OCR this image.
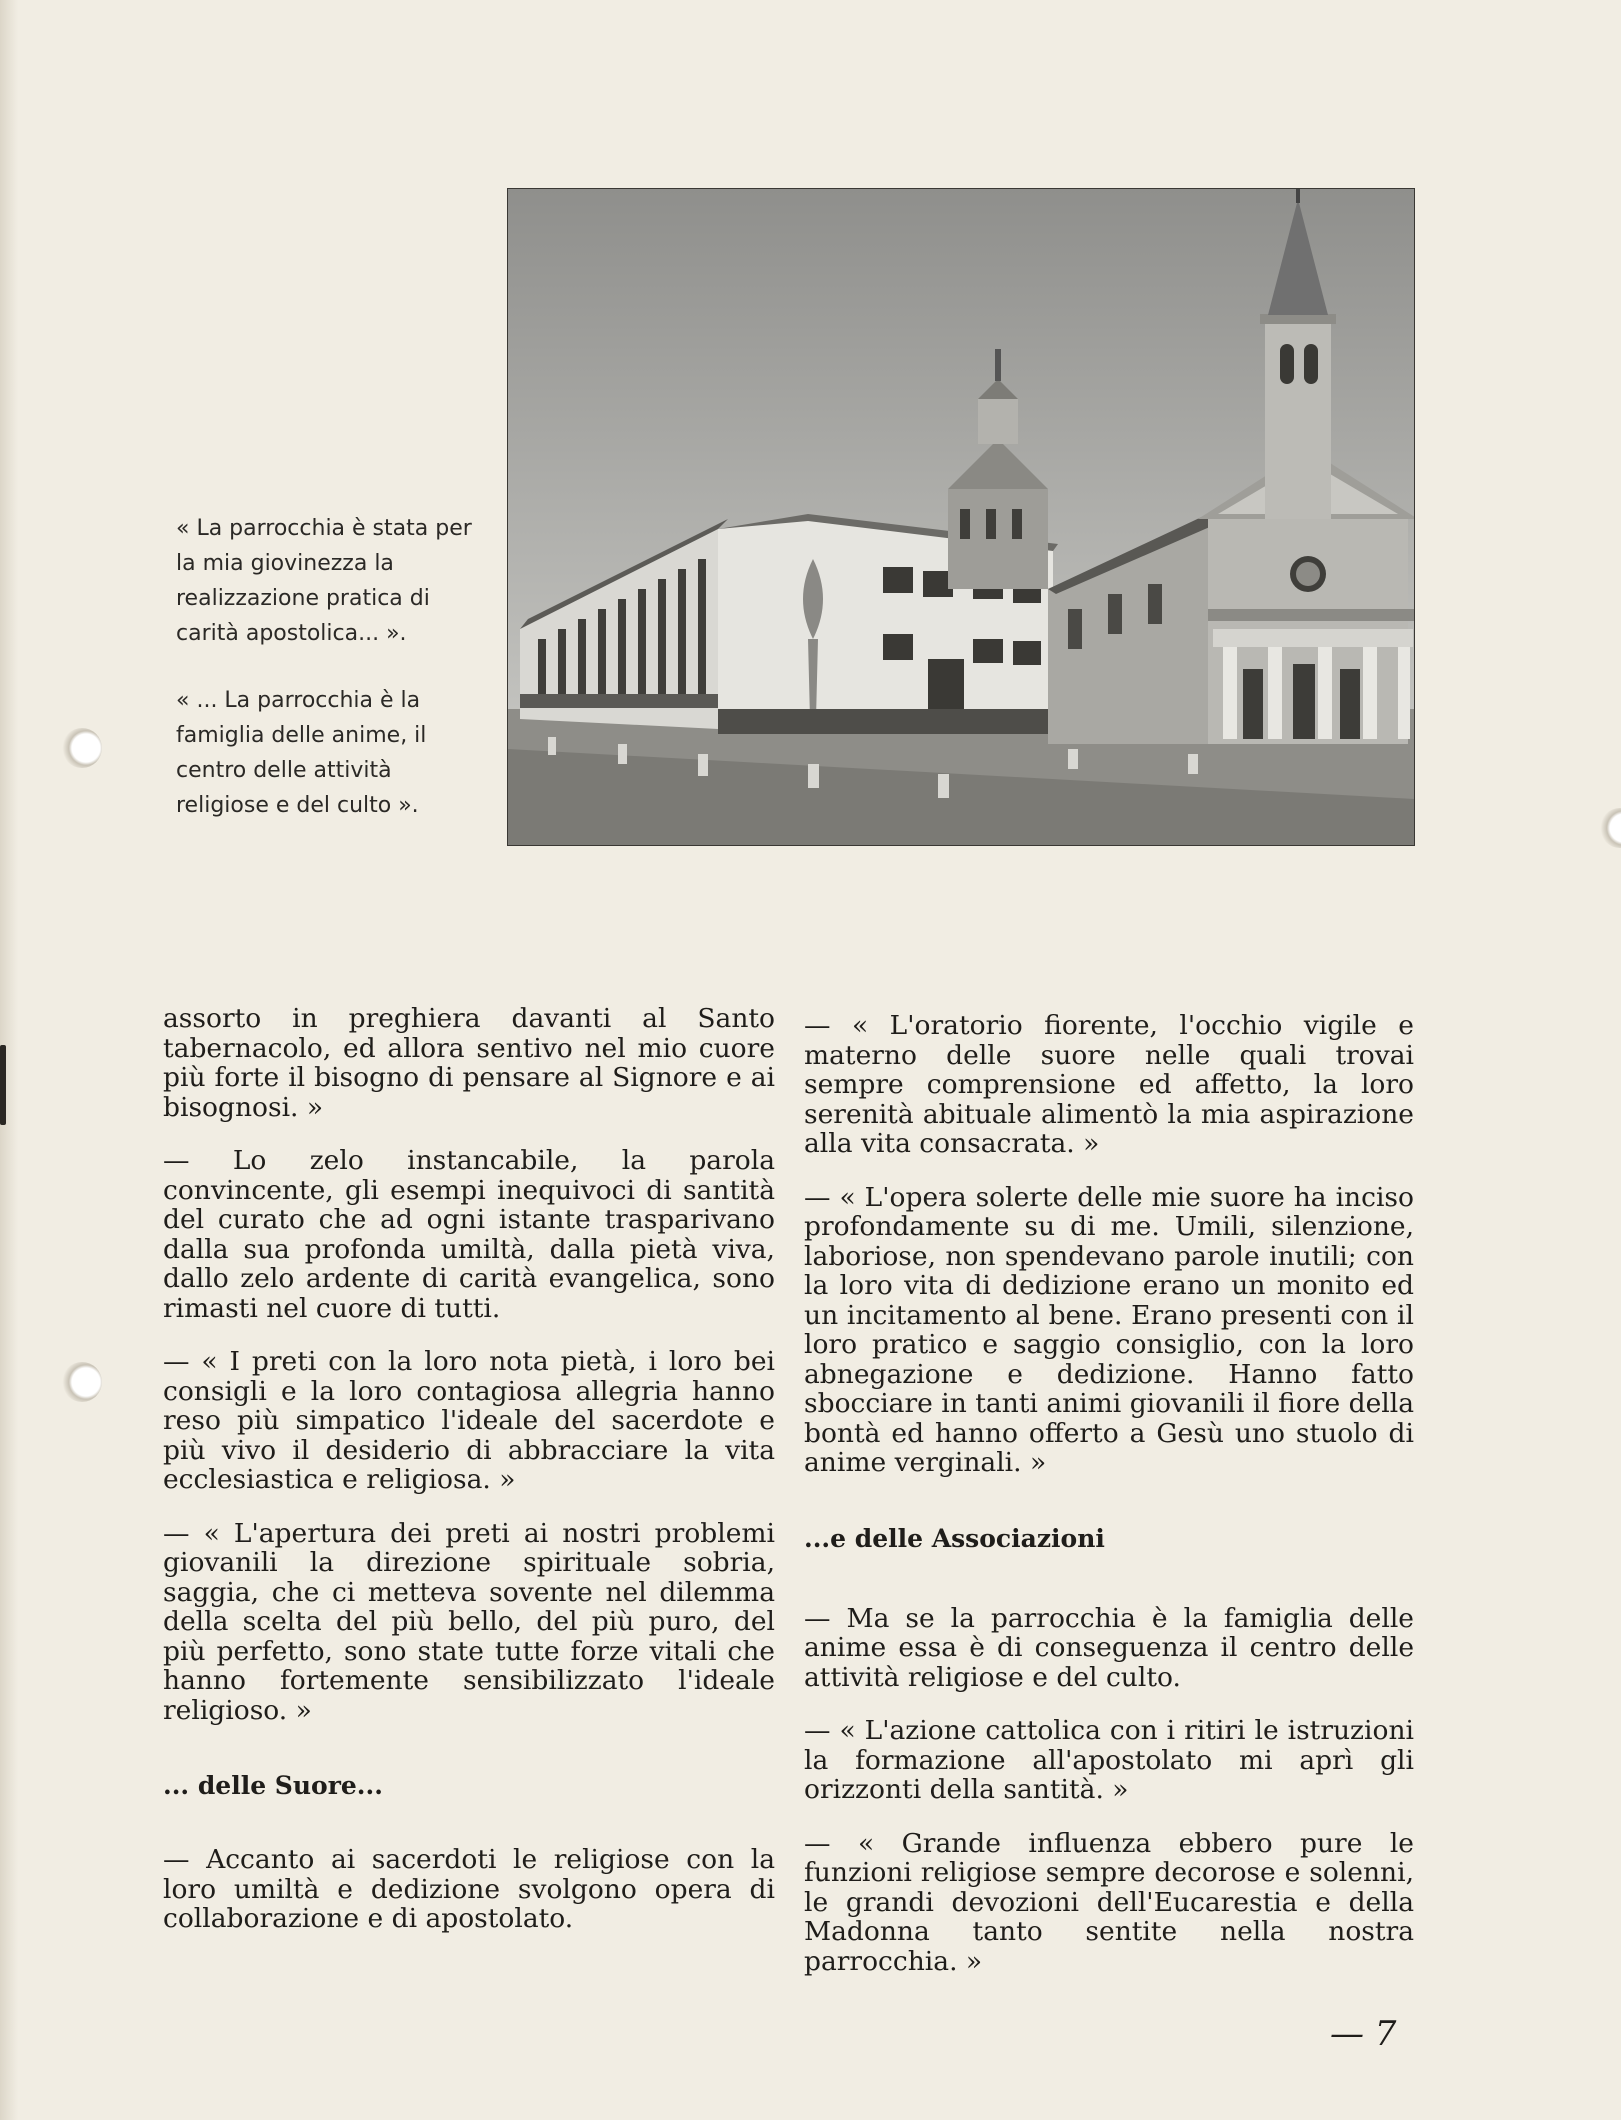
« La parrocchia è stata per la mia giovinezza la realizzazione pratica di carità apostolica... ».

« ... La parrocchia è la famiglia delle anime, il centro delle attività religiose e del culto ».

assorto in preghiera davanti al Santo tabernacolo, ed allora sentivo nel mio cuore più forte il bisogno di pensare al Signore e ai bisognosi. »

— Lo zelo instancabile, la parola convincente, gli esempi inequivoci di santità del curato che ad ogni istante trasparivano dalla sua profonda umiltà, dalla pietà viva, dallo zelo ardente di carità evangelica, sono rimasti nel cuore di tutti.

— « I preti con la loro nota pietà, i loro bei consigli e la loro contagiosa allegria hanno reso più simpatico l'ideale del sacerdote e più vivo il desiderio di abbracciare la vita ecclesiastica e religiosa. »

— « L'apertura dei preti ai nostri problemi giovanili la direzione spirituale sobria, saggia, che ci metteva sovente nel dilemma della scelta del più bello, del più puro, del più perfetto, sono state tutte forze vitali che hanno fortemente sensibilizzato l'ideale religioso. »

... delle Suore...

— Accanto ai sacerdoti le religiose con la loro umiltà e dedizione svolgono opera di collaborazione e di apostolato.

— « L'oratorio fiorente, l'occhio vigile e materno delle suore nelle quali trovai sempre comprensione ed affetto, la loro serenità abituale alimentò la mia aspirazione alla vita consacrata. »

— « L'opera solerte delle mie suore ha inciso profondamente su di me. Umili, silenzione, laboriose, non spendevano parole inutili; con la loro vita di dedizione erano un monito ed un incitamento al bene. Erano presenti con il loro pratico e saggio consiglio, con la loro abnegazione e dedizione. Hanno fatto sbocciare in tanti animi giovanili il fiore della bontà ed hanno offerto a Gesù uno stuolo di anime verginali. »

...e delle Associazioni

— Ma se la parrocchia è la famiglia delle anime essa è di conseguenza il centro delle attività religiose e del culto.

— « L'azione cattolica con i ritiri le istruzioni la formazione all'apostolato mi aprì gli orizzonti della santità. »

— « Grande influenza ebbero pure le funzioni religiose sempre decorose e solenni, le grandi devozioni dell'Eucarestia e della Madonna tanto sentite nella nostra parrocchia. »

— 7
